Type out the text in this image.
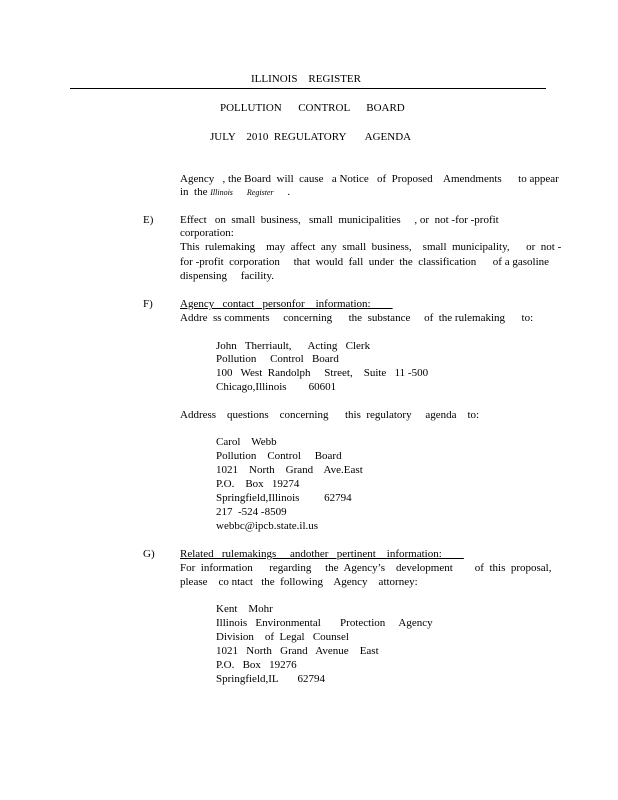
ILLINOIS    REGISTER
POLLUTION      CONTROL      BOARD
JULY    2010  REGULATORY       AGENDA
Agency   , the Board  will  cause   a Notice   of  Proposed    Amendments      to appear
in  the Illinois       Register     .
E) Effect   on  small  business,   small  municipalities     , or  not -for -profit
corporation:
This  rulemaking    may  affect  any  small  business,    small  municipality,      or  not -
for -profit  corporation     that  would  fall  under  the  classification      of a gasoline
dispensing     facility.
F) Agency   contact   personfor    information:
Addre  ss comments     concerning      the  substance     of  the rulemaking      to:
John   Therriault,      Acting   Clerk
Pollution     Control   Board
100   West  Randolph     Street,    Suite   11 -500
Chicago,Illinois        60601
Address    questions    concerning      this  regulatory     agenda    to:
Carol    Webb
Pollution    Control     Board
1021    North    Grand    Ave.East
P.O.    Box   19274
Springfield,Illinois         62794
217  -524 -8509
webbc@ipcb.state.il.us
G) Related   rulemakings     andother   pertinent    information:
For  information      regarding     the  Agency’s    development        of  this  proposal,
please    co ntact   the  following    Agency    attorney:
Kent    Mohr
Illinois   Environmental       Protection     Agency
Division    of  Legal   Counsel
1021   North   Grand   Avenue    East
P.O.   Box   19276
Springfield,IL       62794
